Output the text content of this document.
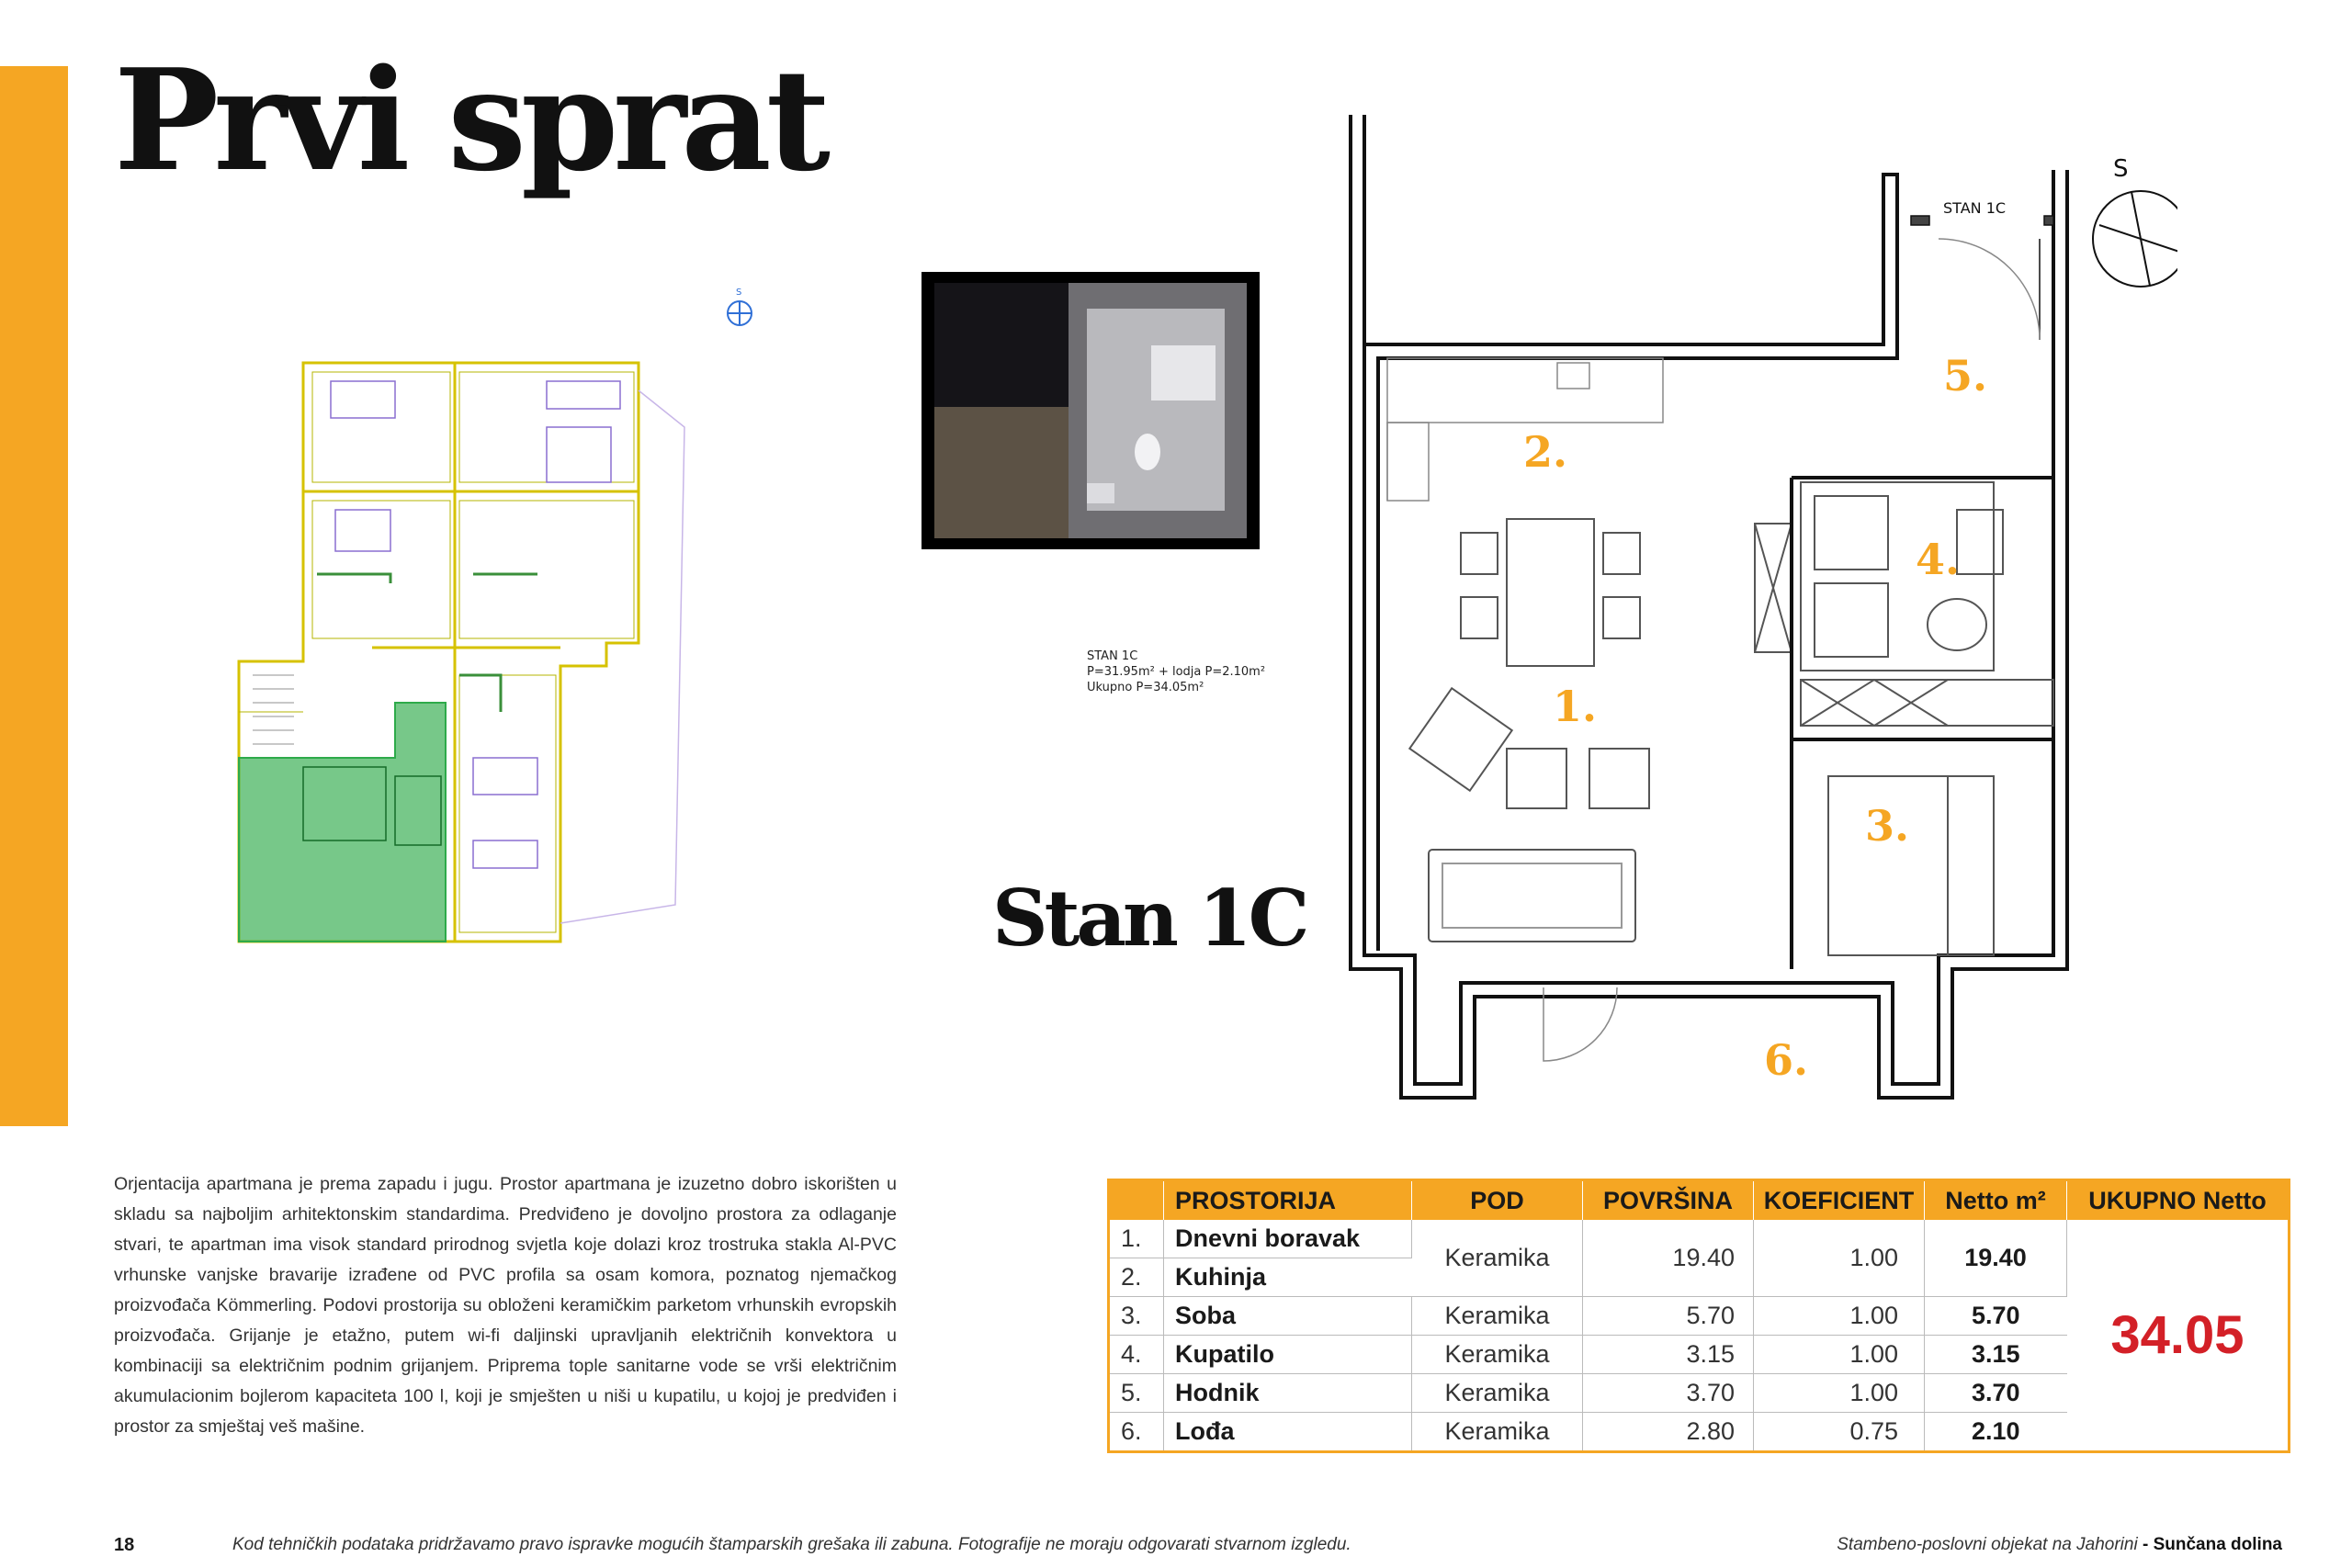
Prvi sprat
S
STAN 1C
P=31.95m² + lodja P=2.10m²
Ukupno P=34.05m²
Stan 1C
S
STAN 1C
1.
2.
3.
4.
5.
6.

Orjentacija apartmana je prema zapadu i jugu. Prostor apartmana je izuzetno dobro iskorišten u skladu sa najboljim arhitektonskim standardima. Predviđeno je dovoljno prostora za odlaganje stvari, te apartman ima visok standard prirodnog svjetla koje dolazi kroz trostruka stakla Al-PVC vrhunske vanjske bravarije izrađene od PVC profila sa osam komora, poznatog njemačkog proizvođača Kömmerling. Podovi prostorija su obloženi keramičkim parketom vrhunskih evropskih proizvođača. Grijanje je etažno, putem wi-fi daljinski upravljanih električnih konvektora u kombinaciji sa električnim podnim grijanjem. Priprema tople sanitarne vode se vrši električnim akumulacionim bojlerom kapaciteta 100 l, koji je smješten u niši u kupatilu, u kojoj je predviđen i prostor za smještaj veš mašine.

	PROSTORIJA	POD	POVRŠINA	KOEFICIENT	Netto m²	UKUPNO Netto
1.	Dnevni boravak	Keramika	19.40	1.00	19.40	34.05
2.	Kuhinja					
3.	Soba	Keramika	5.70	1.00	5.70	
4.	Kupatilo	Keramika	3.15	1.00	3.15	
5.	Hodnik	Keramika	3.70	1.00	3.70	
6.	Lođa	Keramika	2.80	0.75	2.10	
18	Kod tehničkih podataka pridržavamo pravo ispravke mogućih štamparskih grešaka ili zabuna. Fotografije ne moraju odgovarati stvarnom izgledu.	Stambeno-poslovni objekat na Jahorini - Sunčana dolina
